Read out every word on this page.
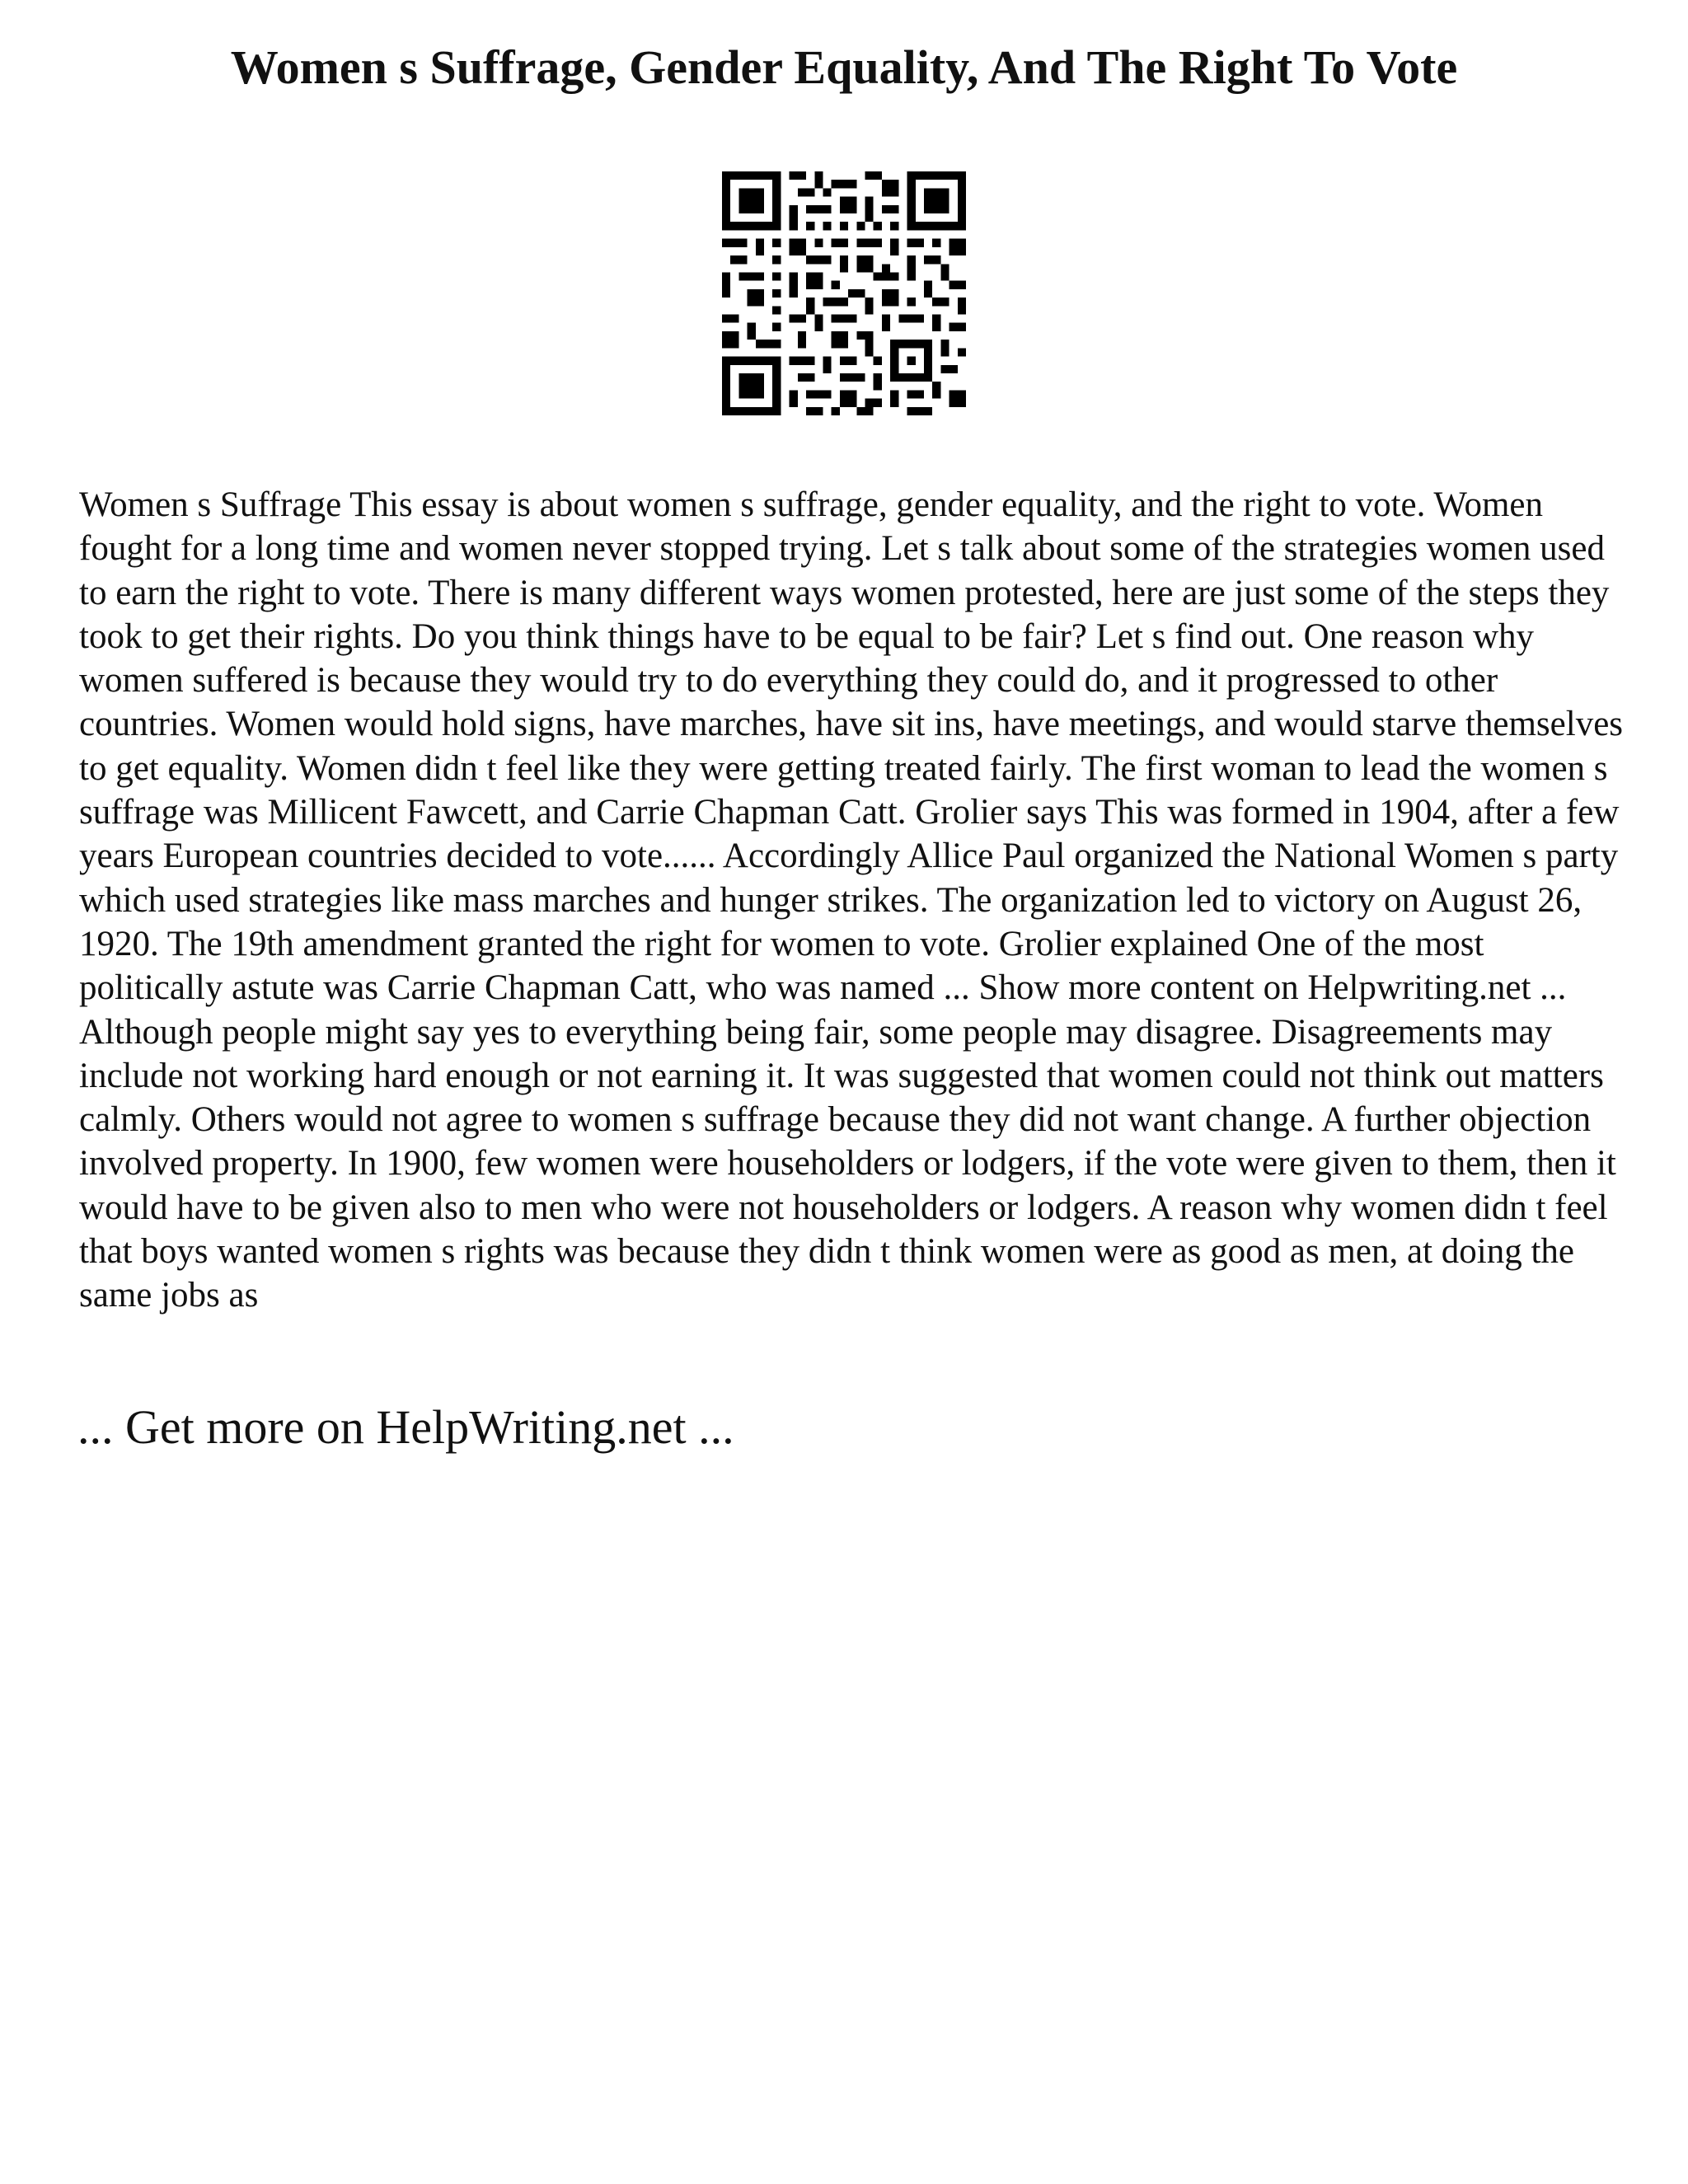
Women s Suffrage, Gender Equality, And The Right To Vote

Women s Suffrage This essay is about women s suffrage, gender equality, and the right to vote. Women fought for a long time and women never stopped trying. Let s talk about some of the strategies women used to earn the right to vote. There is many different ways women protested, here are just some of the steps they took to get their rights. Do you think things have to be equal to be fair? Let s find out. One reason why women suffered is because they would try to do everything they could do, and it progressed to other countries. Women would hold signs, have marches, have sit ins, have meetings, and would starve themselves to get equality. Women didn t feel like they were getting treated fairly. The first woman to lead the women s suffrage was Millicent Fawcett, and Carrie Chapman Catt. Grolier says This was formed in 1904, after a few years European countries decided to vote...... Accordingly Allice Paul organized the National Women s party which used strategies like mass marches and hunger strikes. The organization led to victory on August 26, 1920. The 19th amendment granted the right for women to vote. Grolier explained One of the most politically astute was Carrie Chapman Catt, who was named ... Show more content on Helpwriting.net ...

Although people might say yes to everything being fair, some people may disagree. Disagreements may include not working hard enough or not earning it. It was suggested that women could not think out matters calmly. Others would not agree to women s suffrage because they did not want change. A further objection involved property. In 1900, few women were householders or lodgers, if the vote were given to them, then it would have to be given also to men who were not householders or lodgers. A reason why women didn t feel that boys wanted women s rights was because they didn t think women were as good as men, at doing the same jobs as

... Get more on HelpWriting.net ...
